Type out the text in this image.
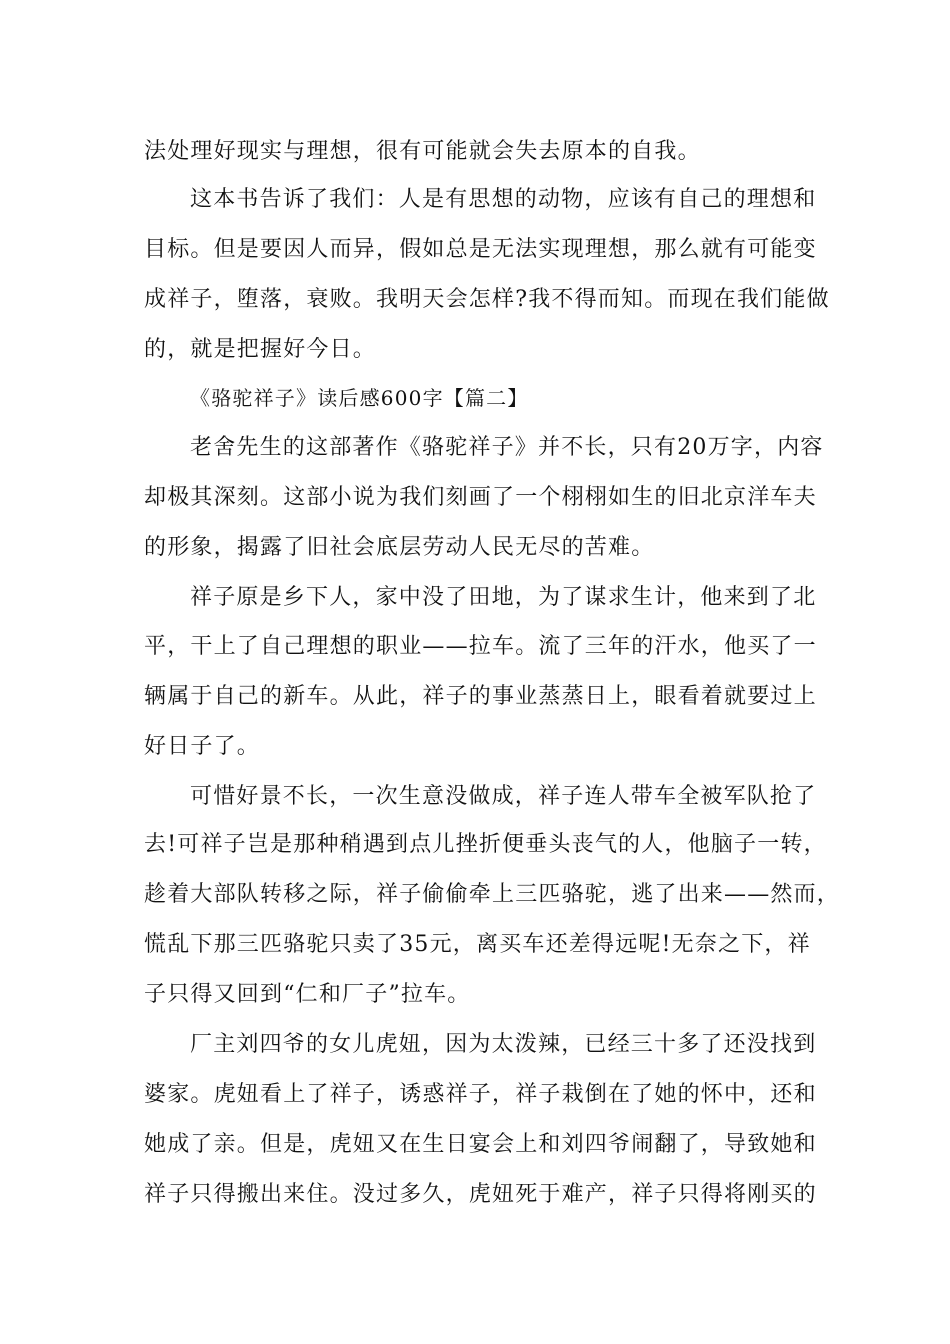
法处理好现实与理想，很有可能就会失去原本的自我。
这本书告诉了我们：人是有思想的动物，应该有自己的理想和
目标。但是要因人而异，假如总是无法实现理想，那么就有可能变
成祥子，堕落，衰败。我明天会怎样?我不得而知。而现在我们能做
的，就是把握好今日。
《骆驼祥子》读后感600字【篇二】
老舍先生的这部著作《骆驼祥子》并不长，只有20万字，内容
却极其深刻。这部小说为我们刻画了一个栩栩如生的旧北京洋车夫
的形象，揭露了旧社会底层劳动人民无尽的苦难。
祥子原是乡下人，家中没了田地，为了谋求生计，他来到了北
平，干上了自己理想的职业——拉车。流了三年的汗水，他买了一
辆属于自己的新车。从此，祥子的事业蒸蒸日上，眼看着就要过上
好日子了。
可惜好景不长，一次生意没做成，祥子连人带车全被军队抢了
去!可祥子岂是那种稍遇到点儿挫折便垂头丧气的人，他脑子一转，
趁着大部队转移之际，祥子偷偷牵上三匹骆驼，逃了出来——然而，
慌乱下那三匹骆驼只卖了35元，离买车还差得远呢!无奈之下，祥
子只得又回到“仁和厂子”拉车。
厂主刘四爷的女儿虎妞，因为太泼辣，已经三十多了还没找到
婆家。虎妞看上了祥子，诱惑祥子，祥子栽倒在了她的怀中，还和
她成了亲。但是，虎妞又在生日宴会上和刘四爷闹翻了，导致她和
祥子只得搬出来住。没过多久，虎妞死于难产，祥子只得将刚买的
